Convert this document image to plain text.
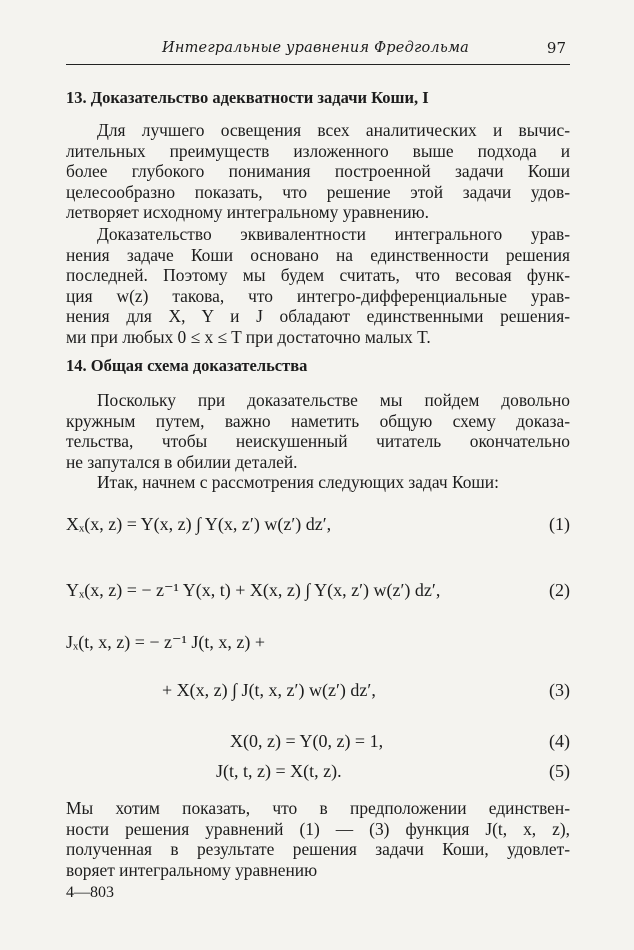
Интегральные уравнения Фредгольма	97
13. Доказательство адекватности задачи Коши, I
Для лучшего освещения всех аналитических и вычис-
лительных преимуществ изложенного выше подхода и
более глубокого понимания построенной задачи Коши
целесообразно показать, что решение этой задачи удов-
летворяет исходному интегральному уравнению.
Доказательство эквивалентности интегрального урав-
нения задаче Коши основано на единственности решения
последней. Поэтому мы будем считать, что весовая функ-
ция w(z) такова, что интегро-дифференциальные урав-
нения для X, Y и J обладают единственными решения-
ми при любых 0 ≤ x ≤ T при достаточно малых T.
14. Общая схема доказательства
Поскольку при доказательстве мы пойдем довольно
кружным путем, важно наметить общую схему доказа-
тельства, чтобы неискушенный читатель окончательно
не запутался в обилии деталей.
Итак, начнем с рассмотрения следующих задач Коши:
Xₓ(x, z) = Y(x, z) ∫ Y(x, z′) w(z′) dz′,	(1)
Yₓ(x, z) = − z⁻¹ Y(x, t) + X(x, z) ∫ Y(x, z′) w(z′) dz′,	(2)
Jₓ(t, x, z) = − z⁻¹ J(t, x, z) +
+ X(x, z) ∫ J(t, x, z′) w(z′) dz′,	(3)
X(0, z) = Y(0, z) = 1,	(4)
J(t, t, z) = X(t, z).	(5)
Мы хотим показать, что в предположении единствен-
ности решения уравнений (1) — (3) функция J(t, x, z),
полученная в результате решения задачи Коши, удовлет-
воряет интегральному уравнению
4—803
